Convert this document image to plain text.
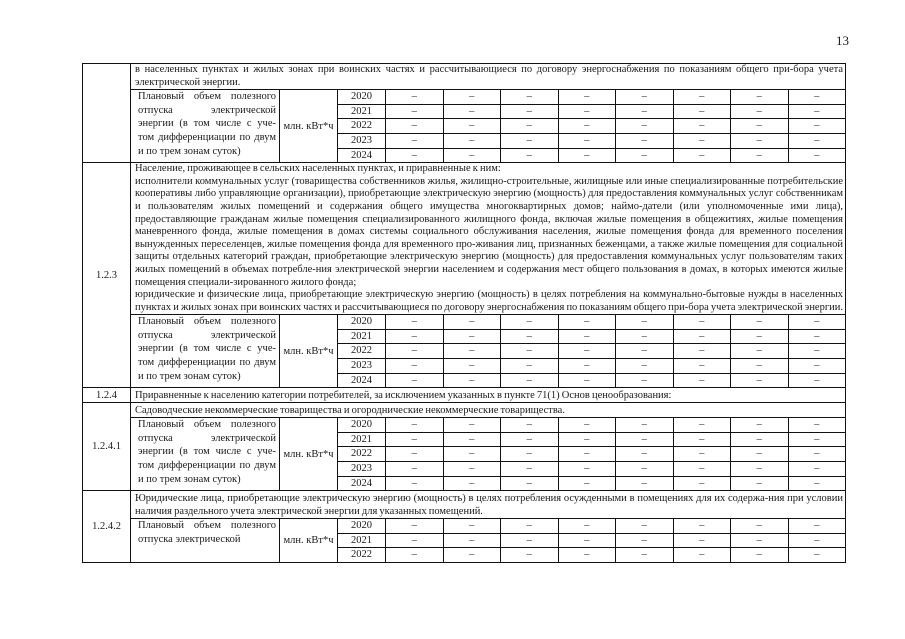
13
в населенных пунктах и жилых зонах при воинских частях и рассчитывающиеся по договору энергоснабжения по показаниям общего при-бора учета электрической энергии.
Плановый объем полезного отпуска электрической энергии (в том числе с уче-том дифференциации по двум и по трем зонам суток)
млн. кВт*ч
2020	–	–	–	–	–	–	–	–
2021	–	–	–	–	–	–	–	–
2022	–	–	–	–	–	–	–	–
2023	–	–	–	–	–	–	–	–
2024	–	–	–	–	–	–	–	–
1.2.3
Население, проживающее в сельских населенных пунктах, и приравненные к ним:
исполнители коммунальных услуг (товарищества собственников жилья, жилищно-строительные, жилищные или иные специализированные потребительские кооперативы либо управляющие организации), приобретающие электрическую энергию (мощность) для предоставления коммунальных услуг собственникам и пользователям жилых помещений и содержания общего имущества многоквартирных домов; наймо-датели (или уполномоченные ими лица), предоставляющие гражданам жилые помещения специализированного жилищного фонда, включая жилые помещения в общежитиях, жилые помещения маневренного фонда, жилые помещения в домах системы социального обслуживания населения, жилые помещения фонда для временного поселения вынужденных переселенцев, жилые помещения фонда для временного про-живания лиц, признанных беженцами, а также жилые помещения для социальной защиты отдельных категорий граждан, приобретающие электрическую энергию (мощность) для предоставления коммунальных услуг пользователям таких жилых помещений в объемах потребле-ния электрической энергии населением и содержания мест общего пользования в домах, в которых имеются жилые помещения специали-зированного жилого фонда;
юридические и физические лица, приобретающие электрическую энергию (мощность) в целях потребления на коммунально-бытовые нужды в населенных пунктах и жилых зонах при воинских частях и рассчитывающиеся по договору энергоснабжения по показаниям общего при-бора учета электрической энергии.
Плановый объем полезного отпуска электрической энергии (в том числе с уче-том дифференциации по двум и по трем зонам суток)
млн. кВт*ч
2020	–	–	–	–	–	–	–	–
2021	–	–	–	–	–	–	–	–
2022	–	–	–	–	–	–	–	–
2023	–	–	–	–	–	–	–	–
2024	–	–	–	–	–	–	–	–
1.2.4	Приравненные к населению категории потребителей, за исключением указанных в пункте 71(1) Основ ценообразования:
1.2.4.1
Садоводческие некоммерческие товарищества и огороднические некоммерческие товарищества.
Плановый объем полезного отпуска электрической энергии (в том числе с уче-том дифференциации по двум и по трем зонам суток)
млн. кВт*ч
2020	–	–	–	–	–	–	–	–
2021	–	–	–	–	–	–	–	–
2022	–	–	–	–	–	–	–	–
2023	–	–	–	–	–	–	–	–
2024	–	–	–	–	–	–	–	–
1.2.4.2
Юридические лица, приобретающие электрическую энергию (мощность) в целях потребления осужденными в помещениях для их содержа-ния при условии наличия раздельного учета электрической энергии для указанных помещений.
Плановый объем полезного отпуска электрической	млн. кВт*ч
2020	–	–	–	–	–	–	–	–
2021	–	–	–	–	–	–	–	–
2022	–	–	–	–	–	–	–	–
